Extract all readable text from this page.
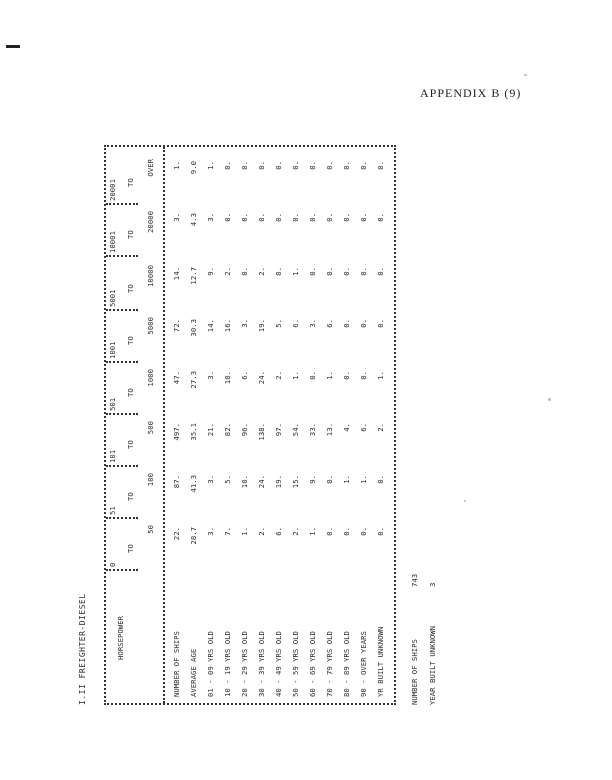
APPENDIX B (9)
I.II FREIGHTER-DIESEL	HORSEPOWER
0
TO
50
51
TO
100
101
TO
500
501
TO
1000
1001
TO
5000
5001
TO
10000
10001 TO
20000
20001 TO
OVER
NUMBER OF SHIPS
22.
87.
497.
47.
72.
14.
3.
1.
AVERAGE AGE
28.7
41.3
35.1
27.3
30.3
12.7
4.3
9.0
01 - 09 YRS OLD
3.
3.
21.
3.
14.
9.
3.
1.
10 - 19 YRS OLD
7.
5.
82.
10.
16.
2.
0.
0.
20 - 29 YRS OLD
1.
10.
96.
6.
3.
0.
0.
0.
30 - 39 YRS OLD
2.
24.
138.
24.
19.
2.
0.
0.
40 - 49 YRS OLD
6.
19.
97.
2.
5.
0.
0.
0.
50 - 59 YRS OLD
2.
15.
54.
1.
6.
1.
0.
0.
60 - 69 YRS OLD
1.
9.
33.
0.
3.
0.
0.
0.
70 - 79 YRS OLD
0.
0.
13.
1.
6.
0.
0.
0.
80 - 89 YRS OLD
0.
1.
4.
0.
0.
0.
0.
0.
90 - OVER YEARS
0.
1.
6.
0.
0.
0.
0.
0.
YR BUILT UNKNOWN
0.
0.
2.
1.
0.
0.
0.
0.
NUMBER OF SHIPS
743
YEAR BUILT UNKNOWN
3
